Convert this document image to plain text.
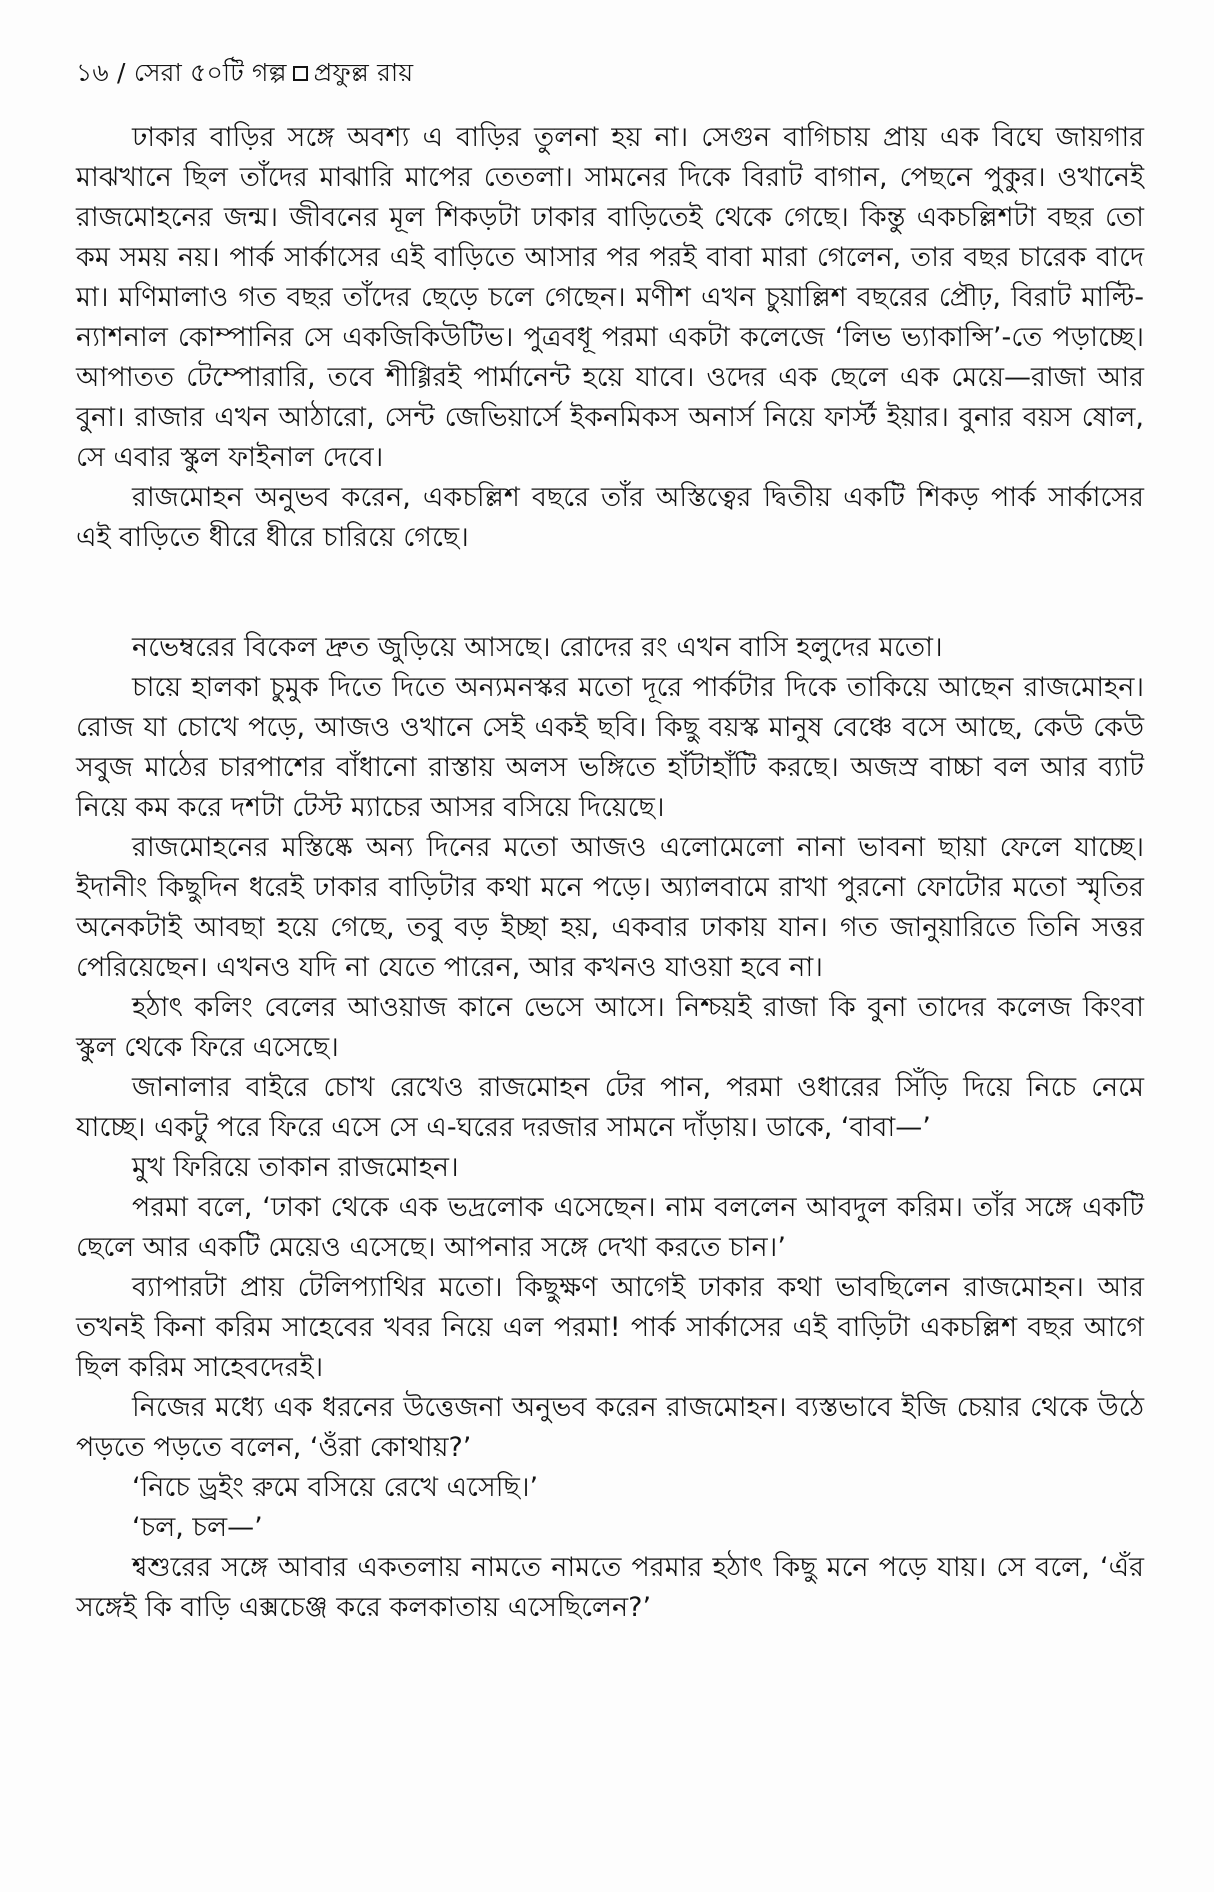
১৬ / সেরা ৫০টি গল্প প্রফুল্ল রায়

ঢাকার বাড়ির সঙ্গে অবশ্য এ বাড়ির তুলনা হয় না। সেগুন বাগিচায় প্রায় এক বিঘে জায়গার মাঝখানে ছিল তাঁদের মাঝারি মাপের তেতলা। সামনের দিকে বিরাট বাগান, পেছনে পুকুর। ওখানেই রাজমোহনের জন্ম। জীবনের মূল শিকড়টা ঢাকার বাড়িতেই থেকে গেছে। কিন্তু একচল্লিশটা বছর তো কম সময় নয়। পার্ক সার্কাসের এই বাড়িতে আসার পর পরই বাবা মারা গেলেন, তার বছর চারেক বাদে মা। মণিমালাও গত বছর তাঁদের ছেড়ে চলে গেছেন। মণীশ এখন চুয়াল্লিশ বছরের প্রৌঢ়, বিরাট মাল্টি-ন্যাশনাল কোম্পানির সে একজিকিউটিভ। পুত্রবধূ পরমা একটা কলেজে ‘লিভ ভ্যাকান্সি’-তে পড়াচ্ছে। আপাতত টেম্পোরারি, তবে শীগ্গিরই পার্মানেন্ট হয়ে যাবে। ওদের এক ছেলে এক মেয়ে—রাজা আর বুনা। রাজার এখন আঠারো, সেন্ট জেভিয়ার্সে ইকনমিকস অনার্স নিয়ে ফার্স্ট ইয়ার। বুনার বয়স ষোল, সে এবার স্কুল ফাইনাল দেবে।

রাজমোহন অনুভব করেন, একচল্লিশ বছরে তাঁর অস্তিত্বের দ্বিতীয় একটি শিকড় পার্ক সার্কাসের এই বাড়িতে ধীরে ধীরে চারিয়ে গেছে।

নভেম্বরের বিকেল দ্রুত জুড়িয়ে আসছে। রোদের রং এখন বাসি হলুদের মতো।

চায়ে হালকা চুমুক দিতে দিতে অন্যমনস্কর মতো দূরে পার্কটার দিকে তাকিয়ে আছেন রাজমোহন। রোজ যা চোখে পড়ে, আজও ওখানে সেই একই ছবি। কিছু বয়স্ক মানুষ বেঞ্চে বসে আছে, কেউ কেউ সবুজ মাঠের চারপাশের বাঁধানো রাস্তায় অলস ভঙ্গিতে হাঁটাহাঁটি করছে। অজস্র বাচ্চা বল আর ব্যাট নিয়ে কম করে দশটা টেস্ট ম্যাচের আসর বসিয়ে দিয়েছে।

রাজমোহনের মস্তিষ্কে অন্য দিনের মতো আজও এলোমেলো নানা ভাবনা ছায়া ফেলে যাচ্ছে। ইদানীং কিছুদিন ধরেই ঢাকার বাড়িটার কথা মনে পড়ে। অ্যালবামে রাখা পুরনো ফোটোর মতো স্মৃতির অনেকটাই আবছা হয়ে গেছে, তবু বড় ইচ্ছা হয়, একবার ঢাকায় যান। গত জানুয়ারিতে তিনি সত্তর পেরিয়েছেন। এখনও যদি না যেতে পারেন, আর কখনও যাওয়া হবে না।

হঠাৎ কলিং বেলের আওয়াজ কানে ভেসে আসে। নিশ্চয়ই রাজা কি বুনা তাদের কলেজ কিংবা স্কুল থেকে ফিরে এসেছে।

জানালার বাইরে চোখ রেখেও রাজমোহন টের পান, পরমা ওধারের সিঁড়ি দিয়ে নিচে নেমে যাচ্ছে। একটু পরে ফিরে এসে সে এ-ঘরের দরজার সামনে দাঁড়ায়। ডাকে, ‘বাবা—’

মুখ ফিরিয়ে তাকান রাজমোহন।

পরমা বলে, ‘ঢাকা থেকে এক ভদ্রলোক এসেছেন। নাম বললেন আবদুল করিম। তাঁর সঙ্গে একটি ছেলে আর একটি মেয়েও এসেছে। আপনার সঙ্গে দেখা করতে চান।’

ব্যাপারটা প্রায় টেলিপ্যাথির মতো। কিছুক্ষণ আগেই ঢাকার কথা ভাবছিলেন রাজমোহন। আর তখনই কিনা করিম সাহেবের খবর নিয়ে এল পরমা! পার্ক সার্কাসের এই বাড়িটা একচল্লিশ বছর আগে ছিল করিম সাহেবদেরই।

নিজের মধ্যে এক ধরনের উত্তেজনা অনুভব করেন রাজমোহন। ব্যস্তভাবে ইজি চেয়ার থেকে উঠে পড়তে পড়তে বলেন, ‘ওঁরা কোথায়?’

‘নিচে ড্রইং রুমে বসিয়ে রেখে এসেছি।’

‘চল, চল—’

শ্বশুরের সঙ্গে আবার একতলায় নামতে নামতে পরমার হঠাৎ কিছু মনে পড়ে যায়। সে বলে, ‘এঁর সঙ্গেই কি বাড়ি এক্সচেঞ্জ করে কলকাতায় এসেছিলেন?’
